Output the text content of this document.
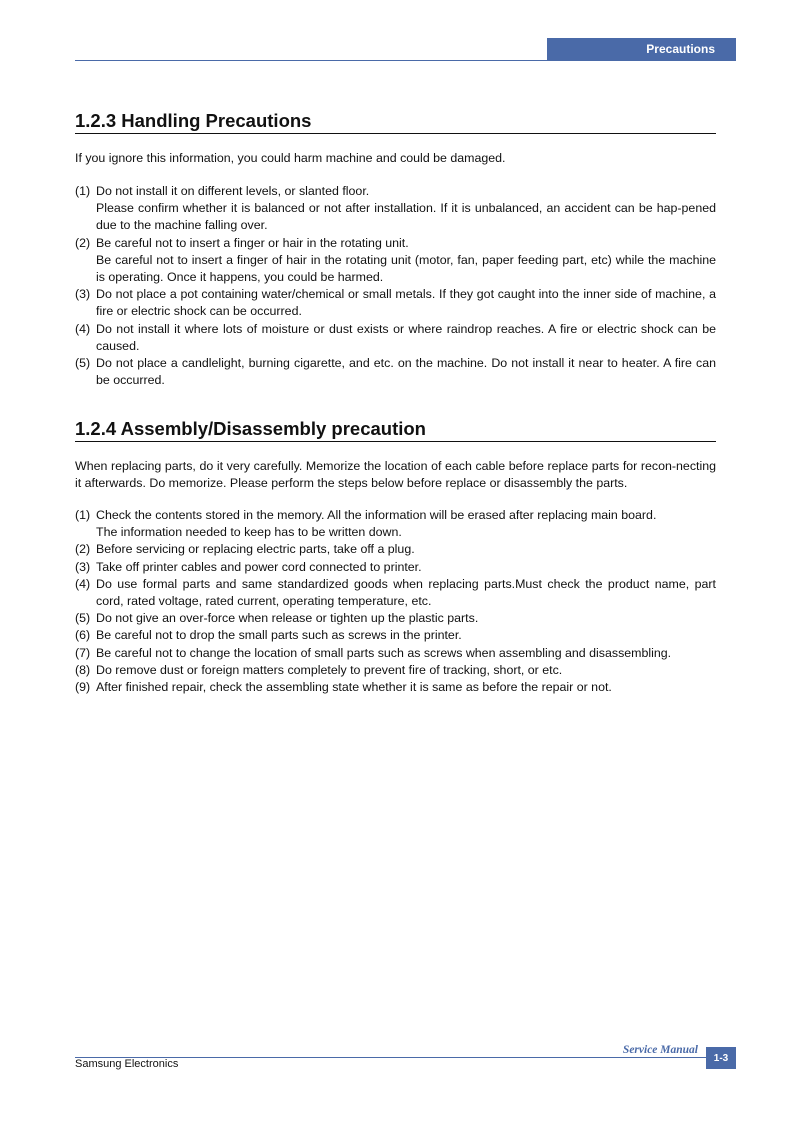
Precautions
1.2.3 Handling Precautions
If you ignore this information, you could harm machine and could be damaged.
(1) Do not install it on different levels, or slanted floor.
Please confirm whether it is balanced or not after installation. If it is unbalanced, an accident can be hap-pened due to the machine falling over.
(2) Be careful not to insert a finger or hair in the rotating unit.
Be careful not to insert a finger of hair in the rotating unit (motor, fan, paper feeding part, etc) while the machine is operating. Once it happens, you could be harmed.
(3) Do not place a pot containing water/chemical or small metals. If they got caught into the inner side of machine, a fire or electric shock can be occurred.
(4) Do not install it where lots of moisture or dust exists or where raindrop reaches. A fire or electric shock can be caused.
(5) Do not place a candlelight, burning cigarette, and etc. on the machine. Do not install it near to heater. A fire can be occurred.
1.2.4 Assembly/Disassembly precaution
When replacing parts, do it very carefully. Memorize the location of each cable before replace parts for recon-necting it afterwards. Do memorize. Please perform the steps below before replace or disassembly the parts.
(1) Check the contents stored in the memory. All the information will be erased after replacing main board.
The information needed to keep has to be written down.
(2) Before servicing or replacing electric parts, take off a plug.
(3) Take off printer cables and power cord connected to printer.
(4) Do use formal parts and same standardized goods when replacing parts.Must check the product name, part cord, rated voltage, rated current, operating temperature, etc.
(5) Do not give an over-force when release or tighten up the plastic parts.
(6) Be careful not to drop the small parts such as screws in the printer.
(7) Be careful not to change the location of small parts such as screws when assembling and disassembling.
(8) Do remove dust or foreign matters completely to prevent fire of tracking, short, or etc.
(9) After finished repair, check the assembling state whether it is same as before the repair or not.
Service Manual
1-3
Samsung Electronics
